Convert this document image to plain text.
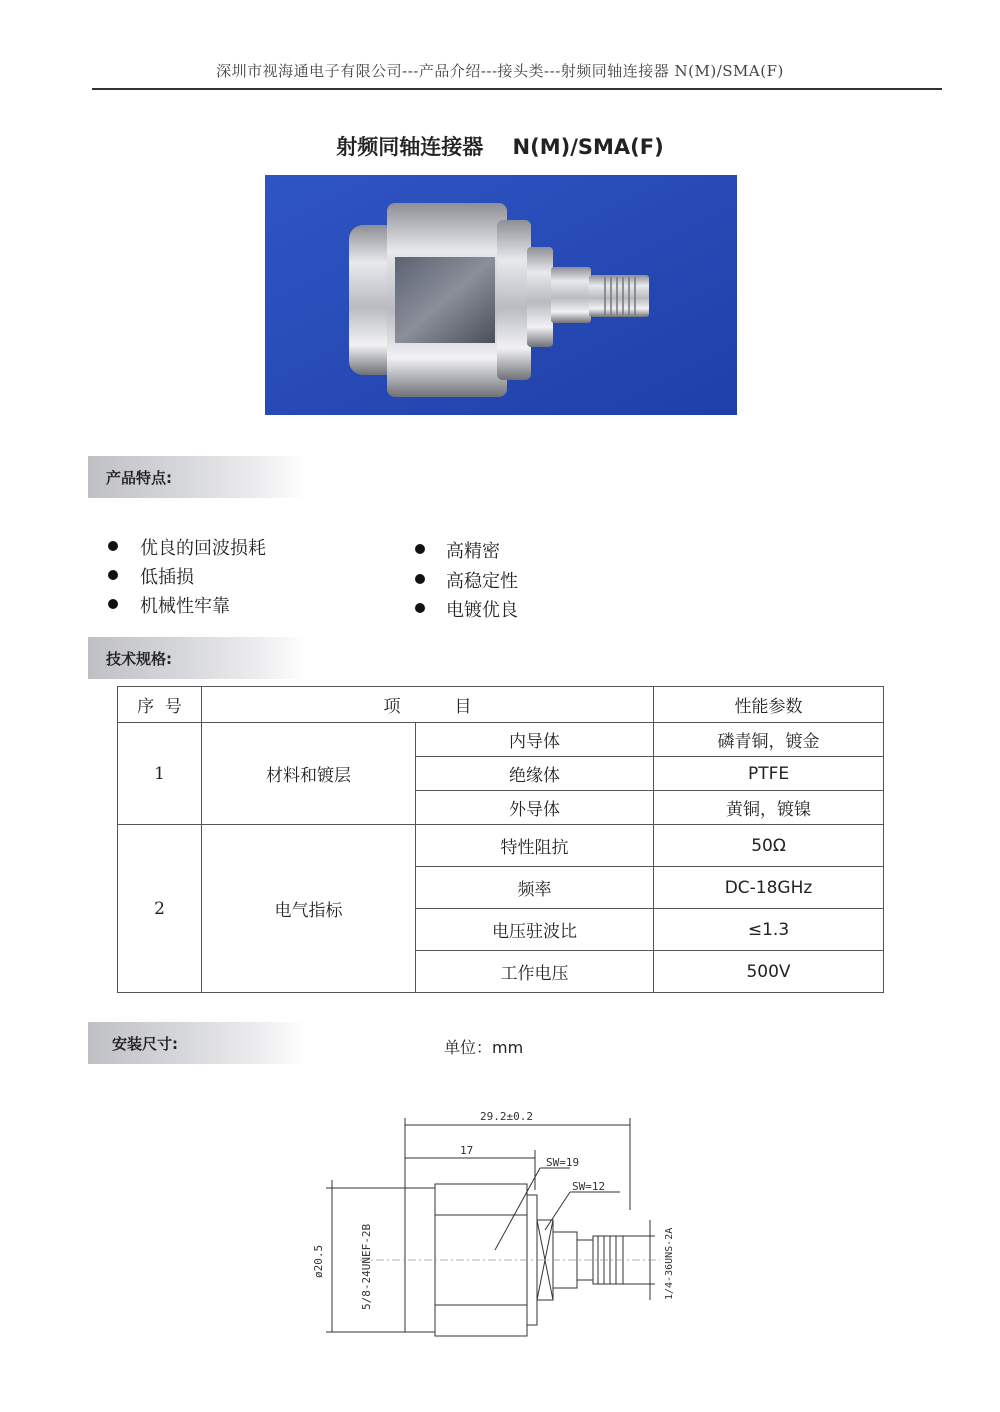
深圳市视海通电子有限公司---产品介绍---接头类---射频同轴连接器 N(M)/SMA(F)
射频同轴连接器    N(M)/SMA(F)
产品特点:
优良的回波损耗
低插损
机械性牢靠
高精密
高稳定性
电镀优良
技术规格:
序  号	项          目		性能参数
1	材料和镀层	内导体	磷青铜，镀金
		绝缘体	PTFE
		外导体	黄铜，镀镍
2	电气指标	特性阻抗	50Ω
		频率	DC-18GHz
		电压驻波比	≤1.3
		工作电压	500V
安装尺寸:	单位：mm
29.2±0.2
17
SW=19
SW=12
ø20.5	5/8-24UNEF-2B	1/4-36UNS-2A
